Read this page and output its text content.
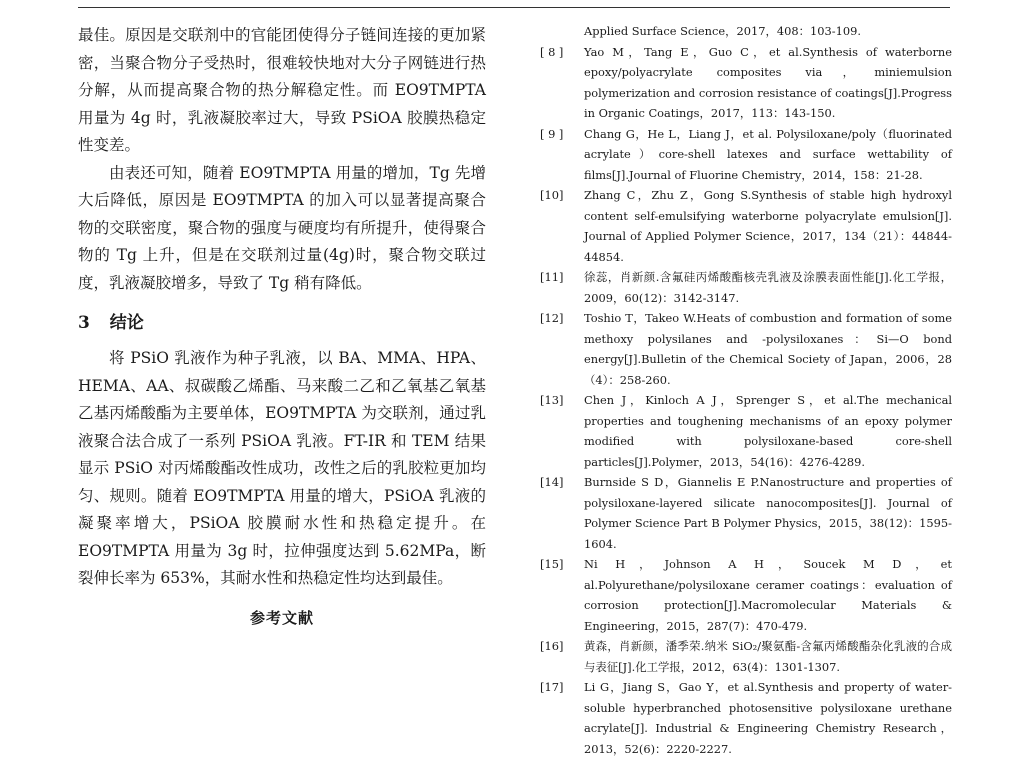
最佳。原因是交联剂中的官能团使得分子链间连接的更加紧密，当聚合物分子受热时，很难较快地对大分子网链进行热分解，从而提高聚合物的热分解稳定性。而 EO9TMPTA 用量为 4g 时，乳液凝胶率过大，导致 PSiOA 胶膜热稳定性变差。

由表还可知，随着 EO9TMPTA 用量的增加，Tg 先增大后降低，原因是 EO9TMPTA 的加入可以显著提高聚合物的交联密度，聚合物的强度与硬度均有所提升，使得聚合物的 Tg 上升，但是在交联剂过量(4g)时，聚合物交联过度，乳液凝胶增多，导致了 Tg 稍有降低。

3 结论

将 PSiO 乳液作为种子乳液，以 BA、MMA、HPA、HEMA、AA、叔碳酸乙烯酯、马来酸二乙和乙氧基乙氧基乙基丙烯酸酯为主要单体，EO9TMPTA 为交联剂，通过乳液聚合法合成了一系列 PSiOA 乳液。FT-IR 和 TEM 结果显示 PSiO 对丙烯酸酯改性成功，改性之后的乳胶粒更加均匀、规则。随着 EO9TMPTA 用量的增大，PSiOA 乳液的凝聚率增大，PSiOA 胶膜耐水性和热稳定提升。在 EO9TMPTA 用量为 3g 时，拉伸强度达到 5.62MPa，断裂伸长率为 653%，其耐水性和热稳定性均达到最佳。

参考文献
Applied Surface Science，2017，408：103-109.
[ 8 ]	Yao M，Tang E，Guo C，et al.Synthesis of waterborne epoxy/polyacrylate composites via，miniemulsion polymerization and corrosion resistance of coatings[J].Progress in Organic Coatings，2017，113：143-150.
[ 9 ]	Chang G，He L，Liang J，et al. Polysiloxane/poly（fluorinated acrylate）core-shell latexes and surface wettability of films[J].Journal of Fluorine Chemistry，2014，158：21-28.
[10]	Zhang C，Zhu Z，Gong S.Synthesis of stable high hydroxyl content self-emulsifying waterborne polyacrylate emulsion[J]. Journal of Applied Polymer Science，2017，134（21）：44844-44854.
[11]	徐蕊，肖新颜.含氟硅丙烯酸酯核壳乳液及涂膜表面性能[J].化工学报，2009，60(12)：3142-3147.
[12]	Toshio T，Takeo W.Heats of combustion and formation of some methoxy polysilanes and -polysiloxanes：Si—O bond energy[J].Bulletin of the Chemical Society of Japan，2006，28（4）：258-260.
[13]	Chen J，Kinloch A J，Sprenger S，et al.The mechanical properties and toughening mechanisms of an epoxy polymer modified with polysiloxane-based core-shell particles[J].Polymer，2013，54(16)：4276-4289.
[14]	Burnside S D，Giannelis E P.Nanostructure and properties of polysiloxane-layered silicate nanocomposites[J]. Journal of Polymer Science Part B Polymer Physics，2015，38(12)：1595-1604.
[15]	Ni H，Johnson A H，Soucek M D，et al.Polyurethane/polysiloxane ceramer coatings：evaluation of corrosion protection[J].Macromolecular Materials & Engineering，2015，287(7)：470-479.
[16]	黄森，肖新颜，潘季荣.纳米 SiO₂/聚氨酯-含氟丙烯酸酯杂化乳液的合成与表征[J].化工学报，2012，63(4)：1301-1307.
[17]	Li G，Jiang S，Gao Y，et al.Synthesis and property of water-soluble hyperbranched photosensitive polysiloxane urethane acrylate[J]. Industrial & Engineering Chemistry Research，2013，52(6)：2220-2227.
